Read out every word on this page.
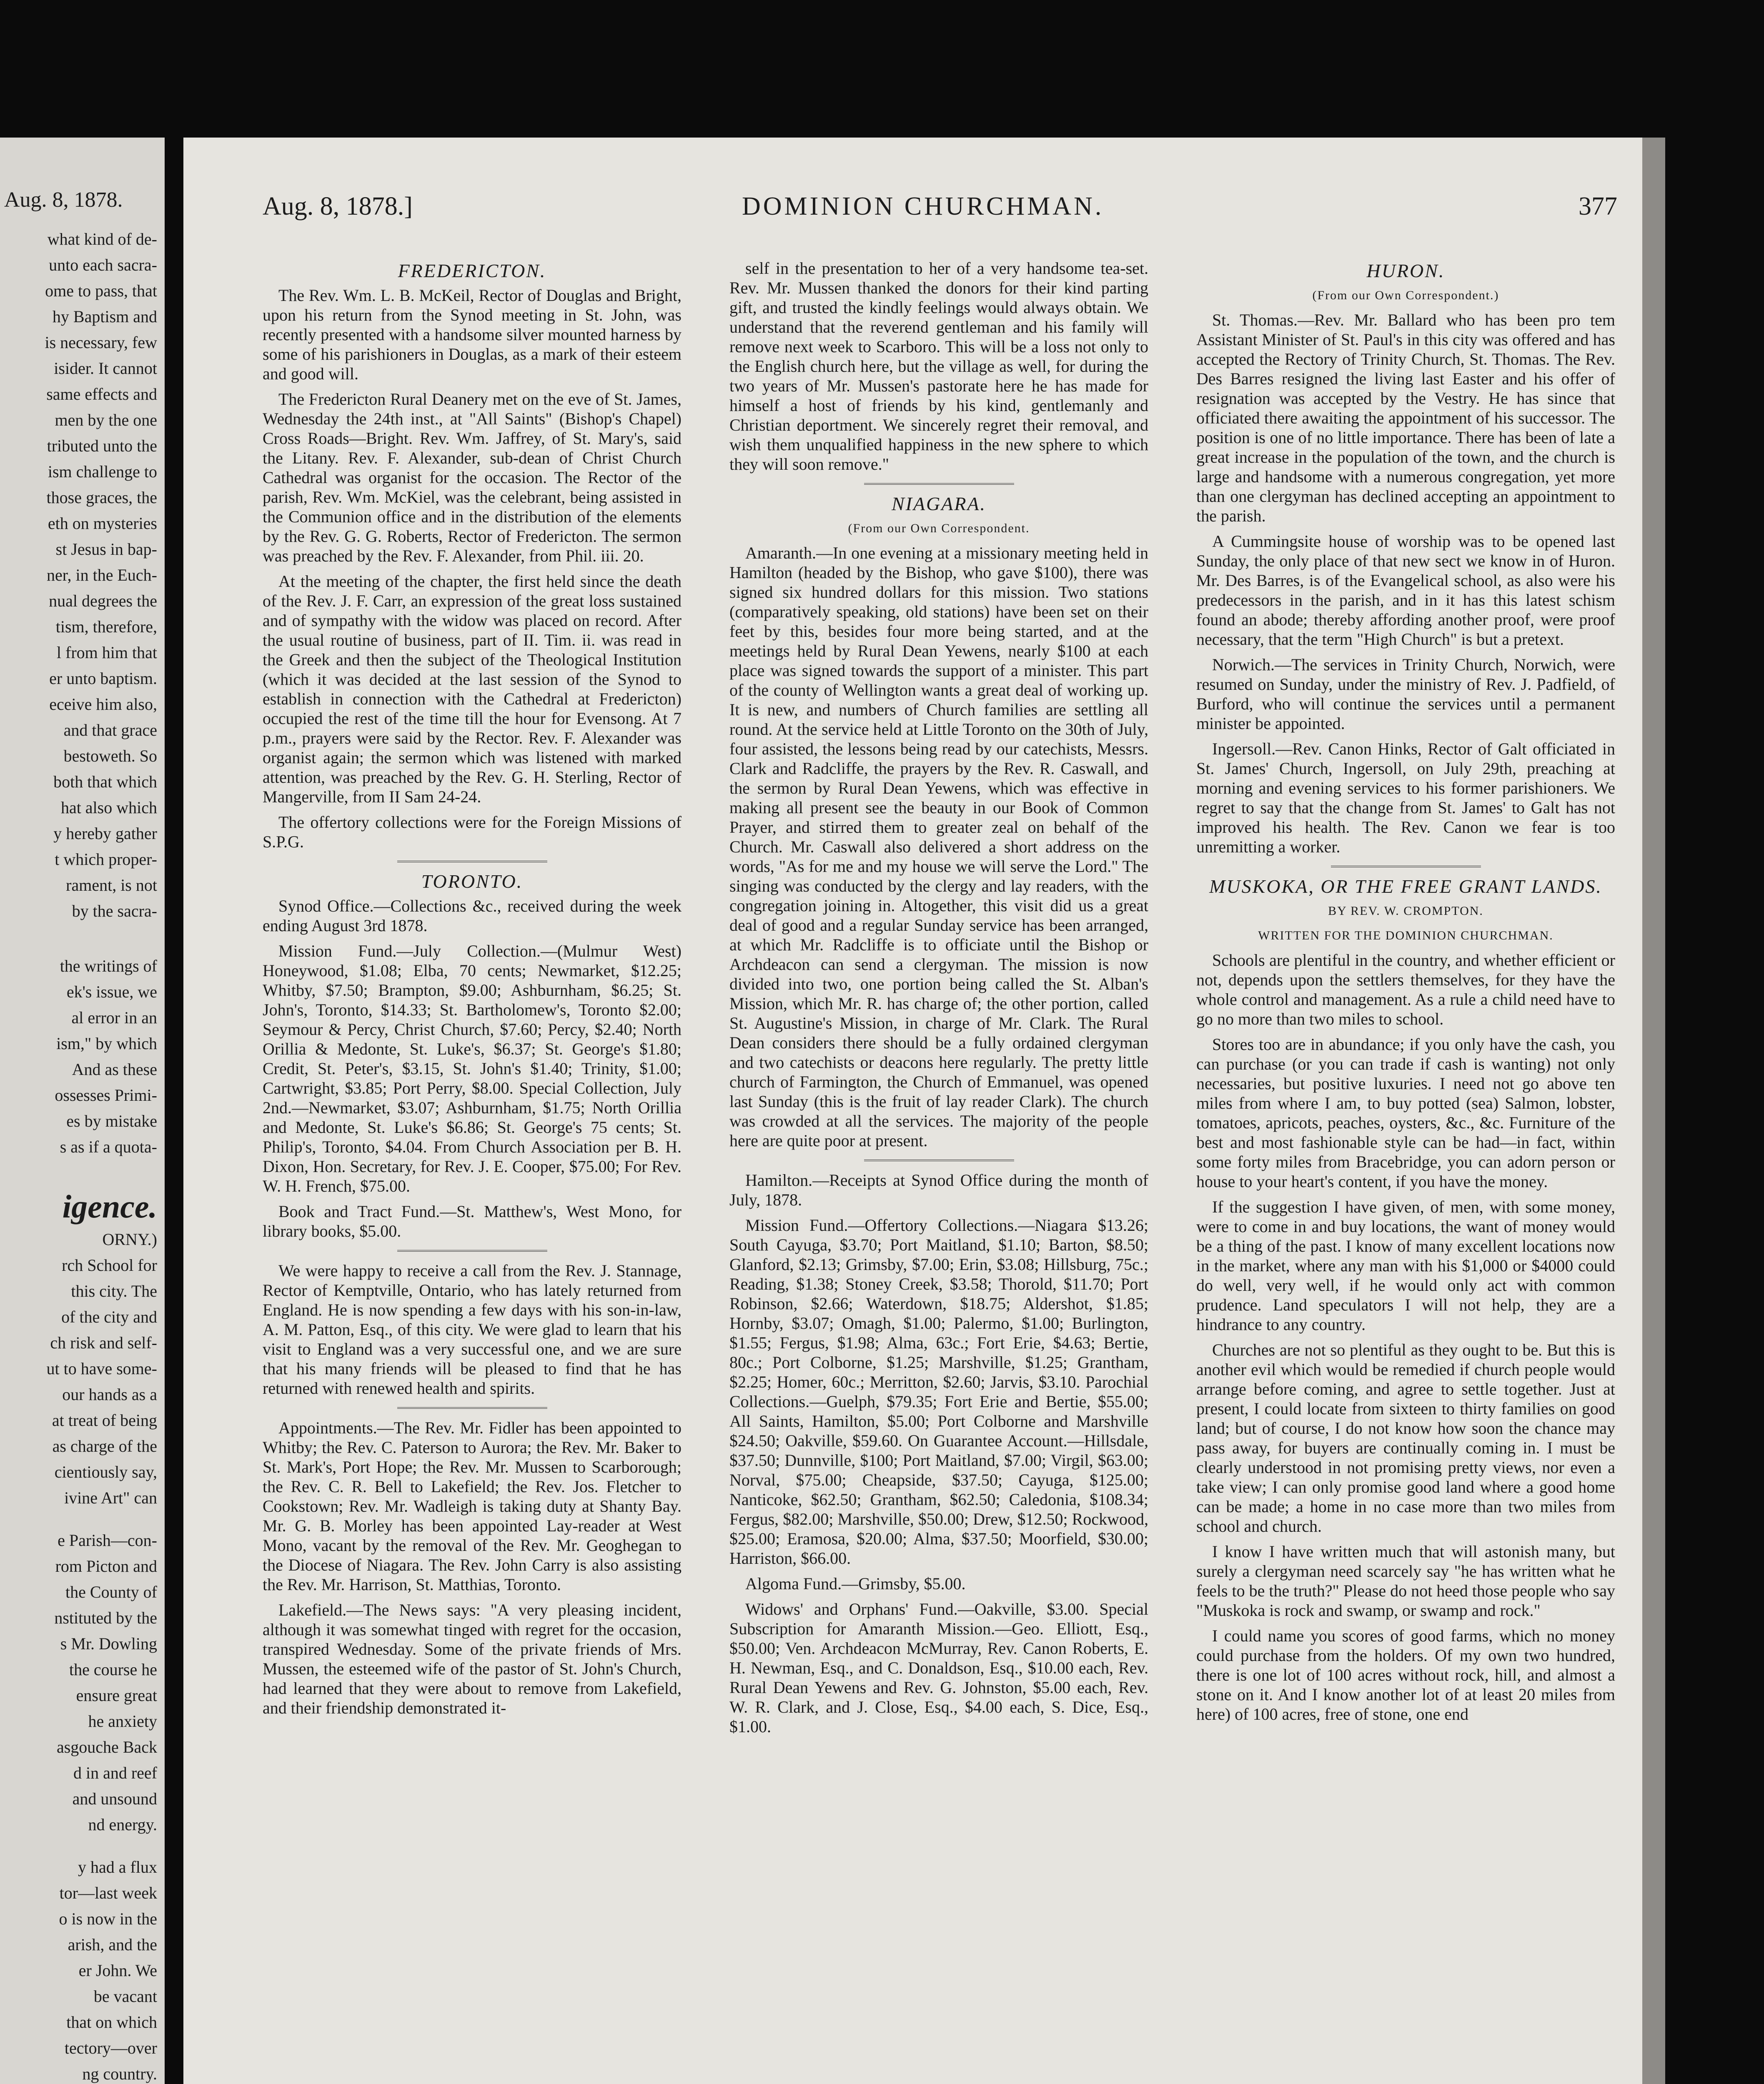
Aug. 8, 1878.
what kind of de-
unto each sacra-
ome to pass, that
hy Baptism and
is necessary, few
isider. It cannot
same effects and
men by the one
tributed unto the
ism challenge to
those graces, the
eth on mysteries
st Jesus in bap-
ner, in the Euch-
nual degrees the
tism, therefore,
l from him that
er unto baptism.
eceive him also,
and that grace
bestoweth. So
both that which
hat also which
y hereby gather
t which proper-
rament, is not
by the sacra-
the writings of
ek's issue, we
al error in an
ism," by which
And as these
ossesses Primi-
es by mistake
s as if a quota-
igence.
ORNY.)
rch School for
this city. The
of the city and
ch risk and self-
ut to have some-
our hands as a
at treat of being
as charge of the
cientiously say,
ivine Art" can
e Parish—con-
rom Picton and
the County of
nstituted by the
s Mr. Dowling
the course he
ensure great
he anxiety
asgouche Back
d in and reef
and unsound
nd energy.
y had a flux
tor—last week
o is now in the
arish, and the
er John. We
be vacant
that on which
tectory—over
ng country.
Aug. 8, 1878.]	DOMINION CHURCHMAN.	377
FREDERICTON.

The Rev. Wm. L. B. McKeil, Rector of Douglas and Bright, upon his return from the Synod meeting in St. John, was recently presented with a handsome silver mounted harness by some of his parishioners in Douglas, as a mark of their esteem and good will.

The Fredericton Rural Deanery met on the eve of St. James, Wednesday the 24th inst., at "All Saints" (Bishop's Chapel) Cross Roads—Bright. Rev. Wm. Jaffrey, of St. Mary's, said the Litany. Rev. F. Alexander, sub-dean of Christ Church Cathedral was organist for the occasion. The Rector of the parish, Rev. Wm. McKiel, was the celebrant, being assisted in the Communion office and in the distribution of the elements by the Rev. G. G. Roberts, Rector of Fredericton. The sermon was preached by the Rev. F. Alexander, from Phil. iii. 20.

At the meeting of the chapter, the first held since the death of the Rev. J. F. Carr, an expression of the great loss sustained and of sympathy with the widow was placed on record. After the usual routine of business, part of II. Tim. ii. was read in the Greek and then the subject of the Theological Institution (which it was decided at the last session of the Synod to establish in connection with the Cathedral at Fredericton) occupied the rest of the time till the hour for Evensong. At 7 p.m., prayers were said by the Rector. Rev. F. Alexander was organist again; the sermon which was listened with marked attention, was preached by the Rev. G. H. Sterling, Rector of Mangerville, from II Sam 24-24.

The offertory collections were for the Foreign Missions of S.P.G.

TORONTO.

Synod Office.—Collections &c., received during the week ending August 3rd 1878.

Mission Fund.—July Collection.—(Mulmur West) Honeywood, $1.08; Elba, 70 cents; Newmarket, $12.25; Whitby, $7.50; Brampton, $9.00; Ashburnham, $6.25; St. John's, Toronto, $14.33; St. Bartholomew's, Toronto $2.00; Seymour & Percy, Christ Church, $7.60; Percy, $2.40; North Orillia & Medonte, St. Luke's, $6.37; St. George's $1.80; Credit, St. Peter's, $3.15, St. John's $1.40; Trinity, $1.00; Cartwright, $3.85; Port Perry, $8.00. Special Collection, July 2nd.—Newmarket, $3.07; Ashburnham, $1.75; North Orillia and Medonte, St. Luke's $6.86; St. George's 75 cents; St. Philip's, Toronto, $4.04. From Church Association per B. H. Dixon, Hon. Secretary, for Rev. J. E. Cooper, $75.00; For Rev. W. H. French, $75.00.

Book and Tract Fund.—St. Matthew's, West Mono, for library books, $5.00.

We were happy to receive a call from the Rev. J. Stannage, Rector of Kemptville, Ontario, who has lately returned from England. He is now spending a few days with his son-in-law, A. M. Patton, Esq., of this city. We were glad to learn that his visit to England was a very successful one, and we are sure that his many friends will be pleased to find that he has returned with renewed health and spirits.

Appointments.—The Rev. Mr. Fidler has been appointed to Whitby; the Rev. C. Paterson to Aurora; the Rev. Mr. Baker to St. Mark's, Port Hope; the Rev. Mr. Mussen to Scarborough; the Rev. C. R. Bell to Lakefield; the Rev. Jos. Fletcher to Cookstown; Rev. Mr. Wadleigh is taking duty at Shanty Bay. Mr. G. B. Morley has been appointed Lay-reader at West Mono, vacant by the removal of the Rev. Mr. Geoghegan to the Diocese of Niagara. The Rev. John Carry is also assisting the Rev. Mr. Harrison, St. Matthias, Toronto.

Lakefield.—The News says: "A very pleasing incident, although it was somewhat tinged with regret for the occasion, transpired Wednesday. Some of the private friends of Mrs. Mussen, the esteemed wife of the pastor of St. John's Church, had learned that they were about to remove from Lakefield, and their friendship demonstrated it-

self in the presentation to her of a very handsome tea-set. Rev. Mr. Mussen thanked the donors for their kind parting gift, and trusted the kindly feelings would always obtain. We understand that the reverend gentleman and his family will remove next week to Scarboro. This will be a loss not only to the English church here, but the village as well, for during the two years of Mr. Mussen's pastorate here he has made for himself a host of friends by his kind, gentlemanly and Christian deportment. We sincerely regret their removal, and wish them unqualified happiness in the new sphere to which they will soon remove."

NIAGARA.
(From our Own Correspondent.

Amaranth.—In one evening at a missionary meeting held in Hamilton (headed by the Bishop, who gave $100), there was signed six hundred dollars for this mission. Two stations (comparatively speaking, old stations) have been set on their feet by this, besides four more being started, and at the meetings held by Rural Dean Yewens, nearly $100 at each place was signed towards the support of a minister. This part of the county of Wellington wants a great deal of working up. It is new, and numbers of Church families are settling all round. At the service held at Little Toronto on the 30th of July, four assisted, the lessons being read by our catechists, Messrs. Clark and Radcliffe, the prayers by the Rev. R. Caswall, and the sermon by Rural Dean Yewens, which was effective in making all present see the beauty in our Book of Common Prayer, and stirred them to greater zeal on behalf of the Church. Mr. Caswall also delivered a short address on the words, "As for me and my house we will serve the Lord." The singing was conducted by the clergy and lay readers, with the congregation joining in. Altogether, this visit did us a great deal of good and a regular Sunday service has been arranged, at which Mr. Radcliffe is to officiate until the Bishop or Archdeacon can send a clergyman. The mission is now divided into two, one portion being called the St. Alban's Mission, which Mr. R. has charge of; the other portion, called St. Augustine's Mission, in charge of Mr. Clark. The Rural Dean considers there should be a fully ordained clergyman and two catechists or deacons here regularly. The pretty little church of Farmington, the Church of Emmanuel, was opened last Sunday (this is the fruit of lay reader Clark). The church was crowded at all the services. The majority of the people here are quite poor at present.

Hamilton.—Receipts at Synod Office during the month of July, 1878.

Mission Fund.—Offertory Collections.—Niagara $13.26; South Cayuga, $3.70; Port Maitland, $1.10; Barton, $8.50; Glanford, $2.13; Grimsby, $7.00; Erin, $3.08; Hillsburg, 75c.; Reading, $1.38; Stoney Creek, $3.58; Thorold, $11.70; Port Robinson, $2.66; Waterdown, $18.75; Aldershot, $1.85; Hornby, $3.07; Omagh, $1.00; Palermo, $1.00; Burlington, $1.55; Fergus, $1.98; Alma, 63c.; Fort Erie, $4.63; Bertie, 80c.; Port Colborne, $1.25; Marshville, $1.25; Grantham, $2.25; Homer, 60c.; Merritton, $2.60; Jarvis, $3.10. Parochial Collections.—Guelph, $79.35; Fort Erie and Bertie, $55.00; All Saints, Hamilton, $5.00; Port Colborne and Marshville $24.50; Oakville, $59.60. On Guarantee Account.—Hillsdale, $37.50; Dunnville, $100; Port Maitland, $7.00; Virgil, $63.00; Norval, $75.00; Cheapside, $37.50; Cayuga, $125.00; Nanticoke, $62.50; Grantham, $62.50; Caledonia, $108.34; Fergus, $82.00; Marshville, $50.00; Drew, $12.50; Rockwood, $25.00; Eramosa, $20.00; Alma, $37.50; Moorfield, $30.00; Harriston, $66.00.

Algoma Fund.—Grimsby, $5.00.

Widows' and Orphans' Fund.—Oakville, $3.00. Special Subscription for Amaranth Mission.—Geo. Elliott, Esq., $50.00; Ven. Archdeacon McMurray, Rev. Canon Roberts, E. H. Newman, Esq., and C. Donaldson, Esq., $10.00 each, Rev. Rural Dean Yewens and Rev. G. Johnston, $5.00 each, Rev. W. R. Clark, and J. Close, Esq., $4.00 each, S. Dice, Esq., $1.00.

HURON.
(From our Own Correspondent.)

St. Thomas.—Rev. Mr. Ballard who has been pro tem Assistant Minister of St. Paul's in this city was offered and has accepted the Rectory of Trinity Church, St. Thomas. The Rev. Des Barres resigned the living last Easter and his offer of resignation was accepted by the Vestry. He has since that officiated there awaiting the appointment of his successor. The position is one of no little importance. There has been of late a great increase in the population of the town, and the church is large and handsome with a numerous congregation, yet more than one clergyman has declined accepting an appointment to the parish.

A Cummingsite house of worship was to be opened last Sunday, the only place of that new sect we know in of Huron. Mr. Des Barres, is of the Evangelical school, as also were his predecessors in the parish, and in it has this latest schism found an abode; thereby affording another proof, were proof necessary, that the term "High Church" is but a pretext.

Norwich.—The services in Trinity Church, Norwich, were resumed on Sunday, under the ministry of Rev. J. Padfield, of Burford, who will continue the services until a permanent minister be appointed.

Ingersoll.—Rev. Canon Hinks, Rector of Galt officiated in St. James' Church, Ingersoll, on July 29th, preaching at morning and evening services to his former parishioners. We regret to say that the change from St. James' to Galt has not improved his health. The Rev. Canon we fear is too unremitting a worker.

MUSKOKA, OR THE FREE GRANT LANDS.
BY REV. W. CROMPTON.
WRITTEN FOR THE DOMINION CHURCHMAN.

Schools are plentiful in the country, and whether efficient or not, depends upon the settlers themselves, for they have the whole control and management. As a rule a child need have to go no more than two miles to school.

Stores too are in abundance; if you only have the cash, you can purchase (or you can trade if cash is wanting) not only necessaries, but positive luxuries. I need not go above ten miles from where I am, to buy potted (sea) Salmon, lobster, tomatoes, apricots, peaches, oysters, &c., &c. Furniture of the best and most fashionable style can be had—in fact, within some forty miles from Bracebridge, you can adorn person or house to your heart's content, if you have the money.

If the suggestion I have given, of men, with some money, were to come in and buy locations, the want of money would be a thing of the past. I know of many excellent locations now in the market, where any man with his $1,000 or $4000 could do well, very well, if he would only act with common prudence. Land speculators I will not help, they are a hindrance to any country.

Churches are not so plentiful as they ought to be. But this is another evil which would be remedied if church people would arrange before coming, and agree to settle together. Just at present, I could locate from sixteen to thirty families on good land; but of course, I do not know how soon the chance may pass away, for buyers are continually coming in. I must be clearly understood in not promising pretty views, nor even a take view; I can only promise good land where a good home can be made; a home in no case more than two miles from school and church.

I know I have written much that will astonish many, but surely a clergyman need scarcely say "he has written what he feels to be the truth?" Please do not heed those people who say "Muskoka is rock and swamp, or swamp and rock."

I could name you scores of good farms, which no money could purchase from the holders. Of my own two hundred, there is one lot of 100 acres without rock, hill, and almost a stone on it. And I know another lot of at least 20 miles from here) of 100 acres, free of stone, one end
